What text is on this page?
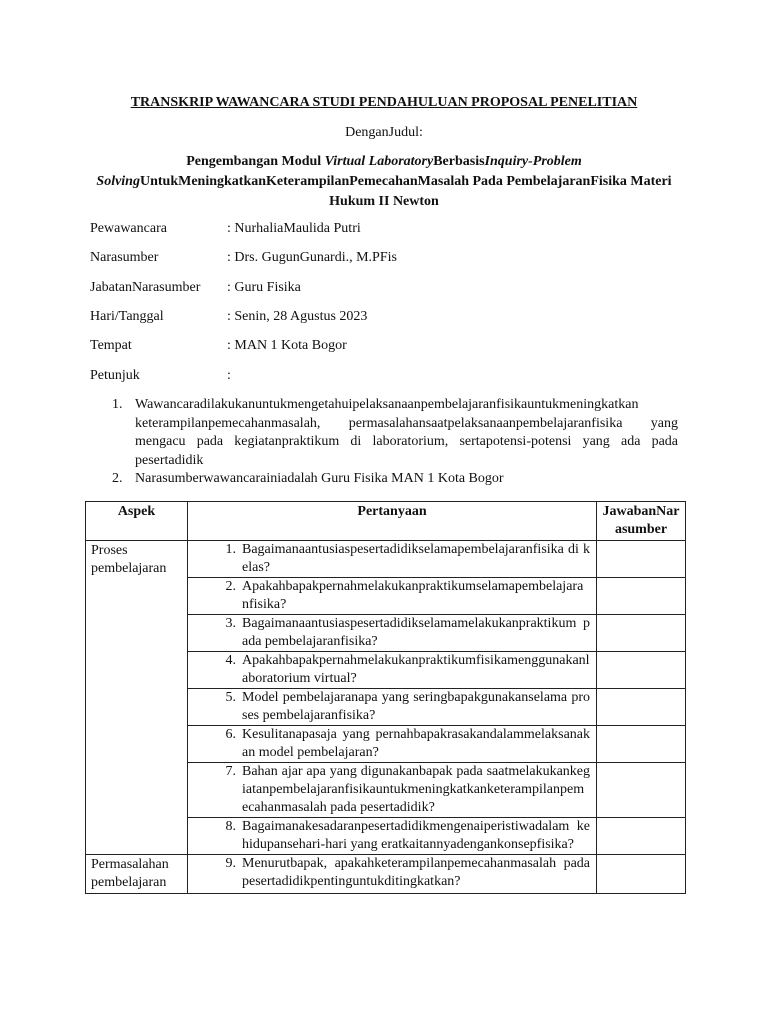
TRANSKRIP WAWANCARA STUDI PENDAHULUAN PROPOSAL PENELITIAN
DenganJudul:
Pengembangan Modul Virtual LaboratoryBerbasisInquiry-Problem SolvingUntukMeningkatkanKeterampilanPemecahanMasalah Pada PembelajaranFisika Materi Hukum II Newton
Pewawancara	: NurhaliaMaulida Putri
Narasumber	: Drs. GugunGunardi., M.PFis
JabatanNarasumber : Guru Fisika
Hari/Tanggal	: Senin, 28 Agustus 2023
Tempat	: MAN 1 Kota Bogor
Petunjuk	:
1. Wawancaradilakukanuntukmengetahuipelaksanaanpembelajaranfisikauntukmeningkatkan keterampilanpemecahanmasalah, permasalahansaatpelaksanaanpembelajaranfisika yang mengacu pada kegiatanpraktikum di laboratorium, sertapotensi-potensi yang ada pada pesertadidik
2. Narasumberwawancarainiadalah Guru Fisika MAN 1 Kota Bogor
Aspek	Pertanyaan	JawabanNarasumber
Proses pembelajaran	1. Bagaimanaantusiaspesertadidikselamapembelajaranfisika di kelas?	

	2. Apakahbapakpernahmelakukanpraktikumselamapembelajaranfisika?	

	3. Bagaimanaantusiaspesertadidikselamamelakukanpraktikum pada pembelajaranfisika?	

	4. Apakahbapakpernahmelakukanpraktikumfisikamenggunakanlaboratorium virtual?	

	5. Model pembelajaranapa yang seringbapakgunakanselama proses pembelajaranfisika?	

	6. Kesulitanapasaja yang pernahbapakrasakandalammelaksanakan model pembelajaran?	

	7. Bahan ajar apa yang digunakanbapak pada saatmelakukankegiatanpembelajaranfisikauntukmeningkatkanketerampilanpemecahanmasalah pada pesertadidik?	

	8. Bagaimanakesadaranpesertadidikmengenaiperistiwadalam kehidupansehari-hari yang eratkaitannyadengankonsepfisika?	

Permasalahan pembelajaran	9. Menurutbapak, apakahketerampilanpemecahanmasalah pada pesertadidikpentinguntukditingkatkan?	
